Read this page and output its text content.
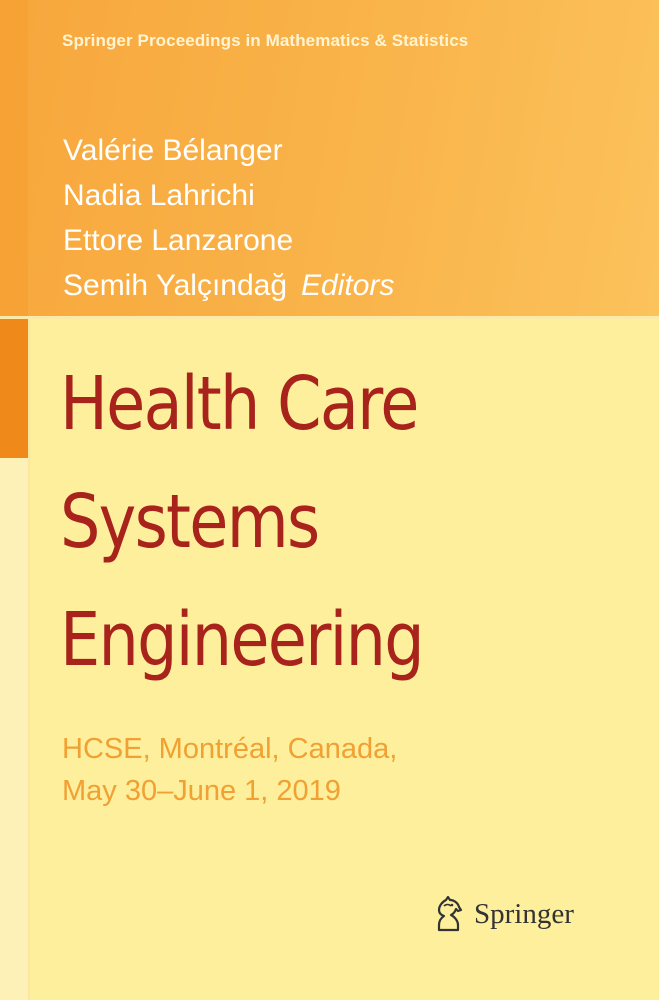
Springer Proceedings in Mathematics & Statistics
Valérie Bélanger
Nadia Lahrichi
Ettore Lanzarone
Semih Yalçındağ Editors
Health Care
Systems
Engineering
HCSE, Montréal, Canada,
May 30–June 1, 2019
Springer
